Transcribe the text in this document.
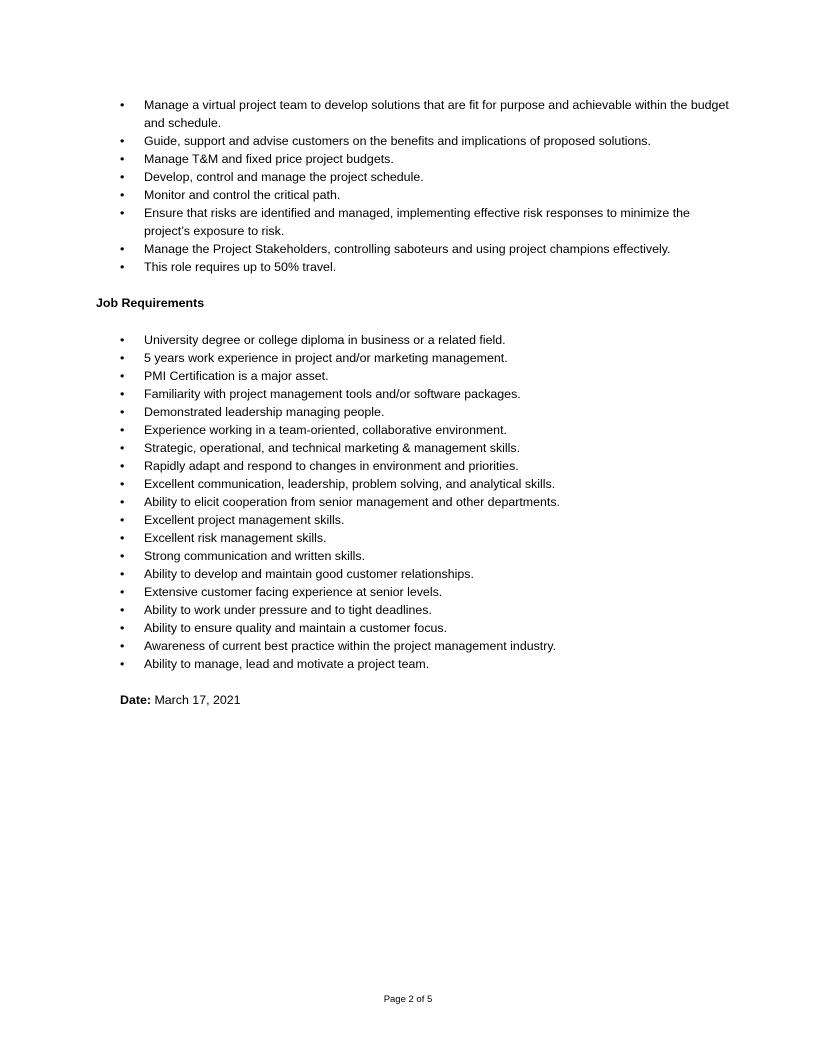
• Manage a virtual project team to develop solutions that are fit for purpose and achievable within the budget and schedule.
• Guide, support and advise customers on the benefits and implications of proposed solutions.
• Manage T&M and fixed price project budgets.
• Develop, control and manage the project schedule.
• Monitor and control the critical path.
• Ensure that risks are identified and managed, implementing effective risk responses to minimize the project’s exposure to risk.
• Manage the Project Stakeholders, controlling saboteurs and using project champions effectively.
• This role requires up to 50% travel.
Job Requirements
• University degree or college diploma in business or a related field.
• 5 years work experience in project and/or marketing management.
• PMI Certification is a major asset.
• Familiarity with project management tools and/or software packages.
• Demonstrated leadership managing people.
• Experience working in a team-oriented, collaborative environment.
• Strategic, operational, and technical marketing & management skills.
• Rapidly adapt and respond to changes in environment and priorities.
• Excellent communication, leadership, problem solving, and analytical skills.
• Ability to elicit cooperation from senior management and other departments.
• Excellent project management skills.
• Excellent risk management skills.
• Strong communication and written skills.
• Ability to develop and maintain good customer relationships.
• Extensive customer facing experience at senior levels.
• Ability to work under pressure and to tight deadlines.
• Ability to ensure quality and maintain a customer focus.
• Awareness of current best practice within the project management industry.
• Ability to manage, lead and motivate a project team.
Date: March 17, 2021
Page 2 of 5
